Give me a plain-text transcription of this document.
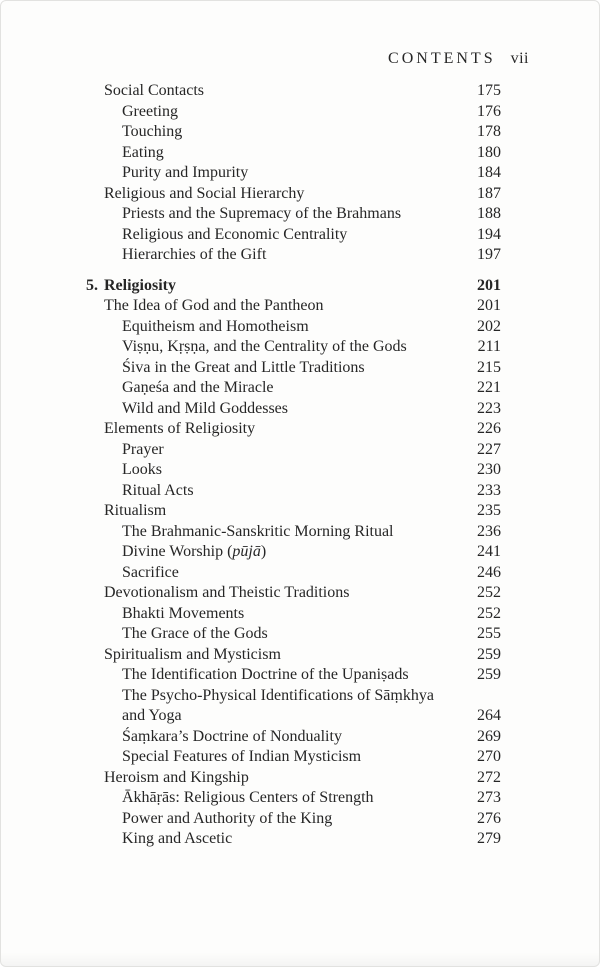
CONTENTS vii
Social Contacts	175
Greeting	176
Touching	178
Eating	180
Purity and Impurity	184
Religious and Social Hierarchy	187
Priests and the Supremacy of the Brahmans	188
Religious and Economic Centrality	194
Hierarchies of the Gift	197
5. Religiosity	201
The Idea of God and the Pantheon	201
Equitheism and Homotheism	202
Viṣṇu, Kṛṣṇa, and the Centrality of the Gods	211
Śiva in the Great and Little Traditions	215
Gaṇeśa and the Miracle	221
Wild and Mild Goddesses	223
Elements of Religiosity	226
Prayer	227
Looks	230
Ritual Acts	233
Ritualism	235
The Brahmanic-Sanskritic Morning Ritual	236
Divine Worship (pūjā)	241
Sacrifice	246
Devotionalism and Theistic Traditions	252
Bhakti Movements	252
The Grace of the Gods	255
Spiritualism and Mysticism	259
The Identification Doctrine of the Upaniṣads	259
The Psycho-Physical Identifications of Sāṃkhya
and Yoga	264
Śaṃkara’s Doctrine of Nonduality	269
Special Features of Indian Mysticism	270
Heroism and Kingship	272
Ākhāṛās: Religious Centers of Strength	273
Power and Authority of the King	276
King and Ascetic	279
